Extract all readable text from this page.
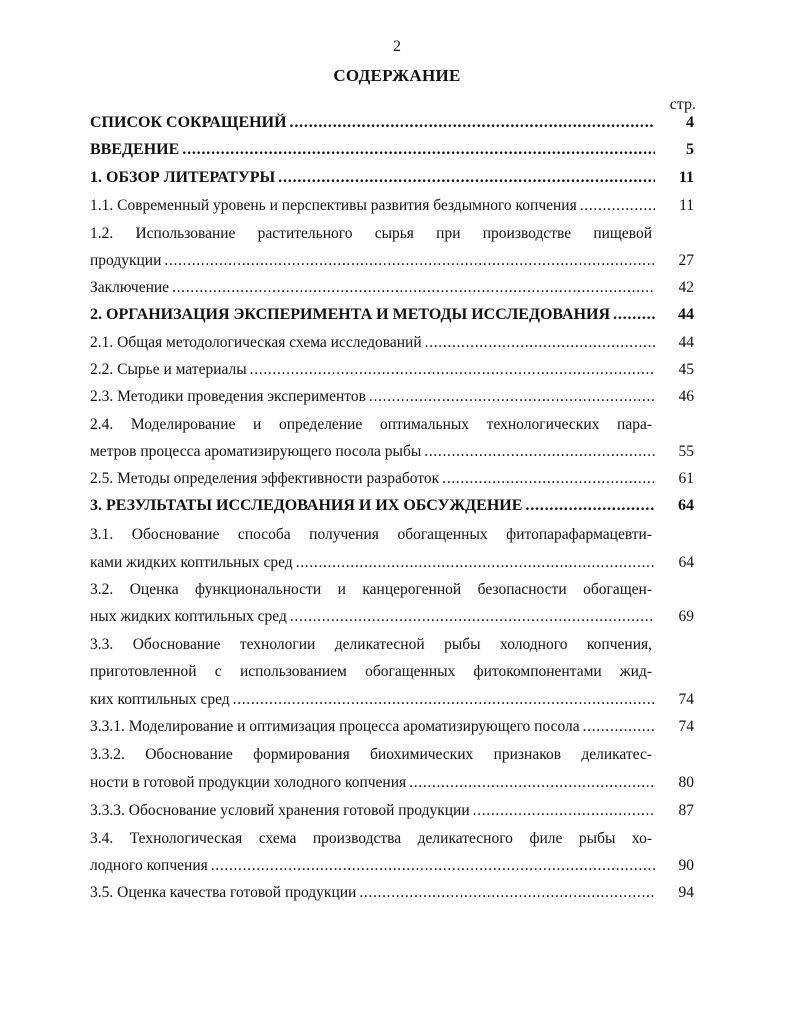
2
СОДЕРЖАНИЕ
стр.
СПИСОК СОКРАЩЕНИЙ . . .	4
ВВЕДЕНИЕ . . .	5
1. ОБЗОР ЛИТЕРАТУРЫ . . .	11
1.1. Современный уровень и перспективы развития бездымного копчения . . .	11
1.2. Использование растительного сырья при производстве пищевой
продукции . . .	27
Заключение . . .	42
2. ОРГАНИЗАЦИЯ ЭКСПЕРИМЕНТА И МЕТОДЫ ИССЛЕДОВАНИЯ . . .	44
2.1. Общая методологическая схема исследований . . .	44
2.2. Сырье и материалы . . .	45
2.3. Методики проведения экспериментов . . .	46
2.4. Моделирование и определение оптимальных технологических пара-
метров процесса ароматизирующего посола рыбы . . .	55
2.5. Методы определения эффективности разработок . . .	61
3. РЕЗУЛЬТАТЫ ИССЛЕДОВАНИЯ И ИХ ОБСУЖДЕНИЕ . . .	64
3.1. Обоснование способа получения обогащенных фитопарафармацевти-
ками жидких коптильных сред . . .	64
3.2. Оценка функциональности и канцерогенной безопасности обогащен-
ных жидких коптильных сред . . .	69
3.3. Обоснование технологии деликатесной рыбы холодного копчения,
приготовленной с использованием обогащенных фитокомпонентами жид-
ких коптильных сред . . .	74
3.3.1. Моделирование и оптимизация процесса ароматизирующего посола . . .	74
3.3.2. Обоснование формирования биохимических признаков деликатес-
ности в готовой продукции холодного копчения . . .	80
3.3.3. Обоснование условий хранения готовой продукции . . .	87
3.4. Технологическая схема производства деликатесного филе рыбы хо-
лодного копчения . . .	90
3.5. Оценка качества готовой продукции . . .	94
